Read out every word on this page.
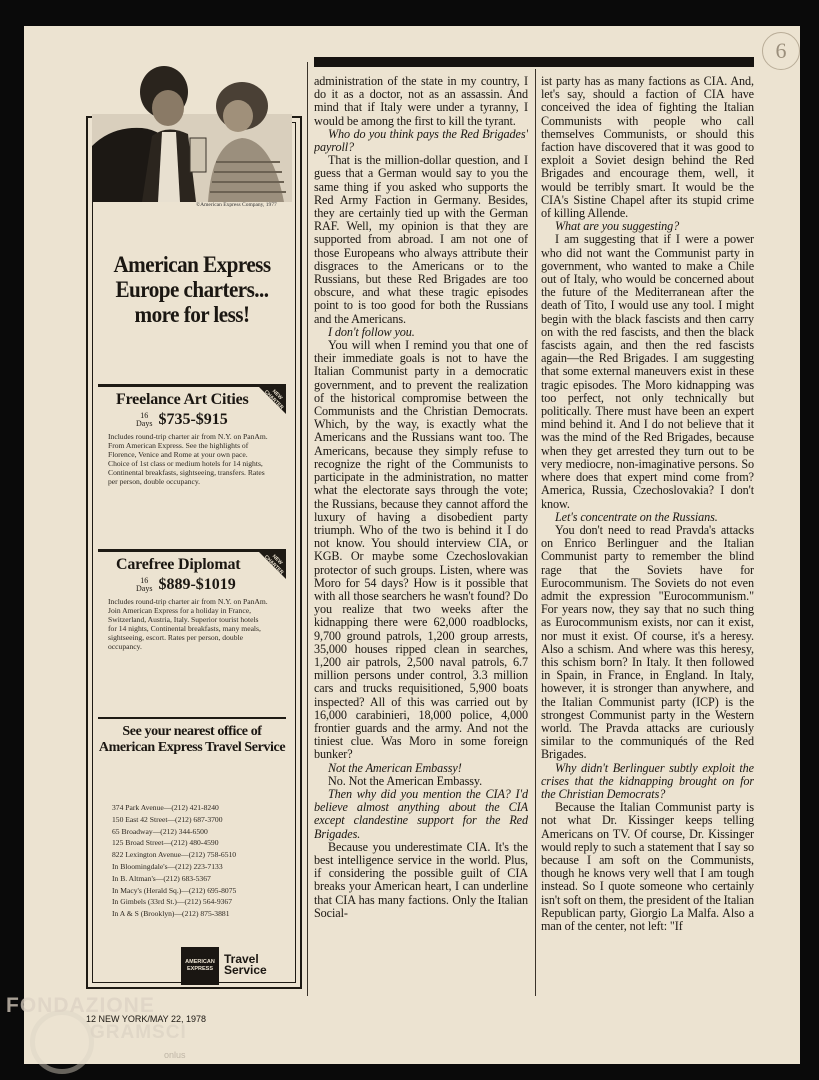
6
©American Express Company, 1977
American Express
Europe charters...
more for less!
NEW CHARTER
Freelance Art Cities
16
Days $735-$915
Includes round-trip charter air from N.Y. on PanAm. From American Express. See the highlights of Florence, Venice and Rome at your own pace. Choice of 1st class or medium hotels for 14 nights, Continental breakfasts, sightseeing, transfers. Rates per person, double occupancy.
NEW CHARTER
Carefree Diplomat
16
Days $889-$1019
Includes round-trip charter air from N.Y. on PanAm. Join American Express for a holiday in France, Switzerland, Austria, Italy. Superior tourist hotels for 14 nights, Continental breakfasts, many meals, sightseeing, escort. Rates per person, double occupancy.
See your nearest office of
American Express Travel Service
374 Park Avenue—(212) 421-8240
150 East 42 Street—(212) 687-3700
65 Broadway—(212) 344-6500
125 Broad Street—(212) 480-4590
822 Lexington Avenue—(212) 758-6510
In Bloomingdale's—(212) 223-7133
In B. Altman's—(212) 683-5367
In Macy's (Herald Sq.)—(212) 695-8075
In Gimbels (33rd St.)—(212) 564-9367
In A & S (Brooklyn)—(212) 875-3881
AMERICAN EXPRESS
Travel
Service

administration of the state in my country, I do it as a doctor, not as an assassin. And mind that if Italy were under a tyranny, I would be among the first to kill the tyrant.

Who do you think pays the Red Brigades' payroll?

That is the million-dollar question, and I guess that a German would say to you the same thing if you asked who supports the Red Army Faction in Germany. Besides, they are certainly tied up with the German RAF. Well, my opinion is that they are supported from abroad. I am not one of those Europeans who always attribute their disgraces to the Americans or to the Russians, but these Red Brigades are too obscure, and what these tragic episodes point to is too good for both the Russians and the Americans.

I don't follow you.

You will when I remind you that one of their immediate goals is not to have the Italian Communist party in a democratic government, and to prevent the realization of the historical compromise between the Communists and the Christian Democrats. Which, by the way, is exactly what the Americans and the Russians want too. The Americans, because they simply refuse to recognize the right of the Communists to participate in the administration, no matter what the electorate says through the vote; the Russians, because they cannot afford the luxury of having a disobedient party triumph. Who of the two is behind it I do not know. You should interview CIA, or KGB. Or maybe some Czechoslovakian protector of such groups. Listen, where was Moro for 54 days? How is it possible that with all those searchers he wasn't found? Do you realize that two weeks after the kidnapping there were 62,000 roadblocks, 9,700 ground patrols, 1,200 group arrests, 35,000 houses ripped clean in searches, 1,200 air patrols, 2,500 naval patrols, 6.7 million persons under control, 3.3 million cars and trucks requisitioned, 5,900 boats inspected? All of this was carried out by 16,000 carabinieri, 18,000 police, 4,000 frontier guards and the army. And not the tiniest clue. Was Moro in some foreign bunker?

Not the American Embassy!

No. Not the American Embassy.

Then why did you mention the CIA? I'd believe almost anything about the CIA except clandestine support for the Red Brigades.

Because you underestimate CIA. It's the best intelligence service in the world. Plus, if considering the possible guilt of CIA breaks your American heart, I can underline that CIA has many factions. Only the Italian Social-

ist party has as many factions as CIA. And, let's say, should a faction of CIA have conceived the idea of fighting the Italian Communists with people who call themselves Communists, or should this faction have discovered that it was good to exploit a Soviet design behind the Red Brigades and encourage them, well, it would be terribly smart. It would be the CIA's Sistine Chapel after its stupid crime of killing Allende.

What are you suggesting?

I am suggesting that if I were a power who did not want the Communist party in government, who wanted to make a Chile out of Italy, who would be concerned about the future of the Mediterranean after the death of Tito, I would use any tool. I might begin with the black fascists and then carry on with the red fascists, and then the black fascists again, and then the red fascists again—the Red Brigades. I am suggesting that some external maneuvers exist in these tragic episodes. The Moro kidnapping was too perfect, not only technically but politically. There must have been an expert mind behind it. And I do not believe that it was the mind of the Red Brigades, because when they get arrested they turn out to be very mediocre, non-imaginative persons. So where does that expert mind come from? America, Russia, Czechoslovakia? I don't know.

Let's concentrate on the Russians.

You don't need to read Pravda's attacks on Enrico Berlinguer and the Italian Communist party to remember the blind rage that the Soviets have for Eurocommunism. The Soviets do not even admit the expression "Eurocommunism." For years now, they say that no such thing as Eurocommunism exists, nor can it exist, nor must it exist. Of course, it's a heresy. Also a schism. And where was this heresy, this schism born? In Italy. It then followed in Spain, in France, in England. In Italy, however, it is stronger than anywhere, and the Italian Communist party (ICP) is the strongest Communist party in the Western world. The Pravda attacks are curiously similar to the communiqués of the Red Brigades.

Why didn't Berlinguer subtly exploit the crises that the kidnapping brought on for the Christian Democrats?

Because the Italian Communist party is not what Dr. Kissinger keeps telling Americans on TV. Of course, Dr. Kissinger would reply to such a statement that I say so because I am soft on the Communists, though he knows very well that I am tough instead. So I quote someone who certainly isn't soft on them, the president of the Italian Republican party, Giorgio La Malfa. Also a man of the center, not left: "If

12 NEW YORK/MAY 22, 1978
FONDAZIONE
GRAMSCI
onlus
